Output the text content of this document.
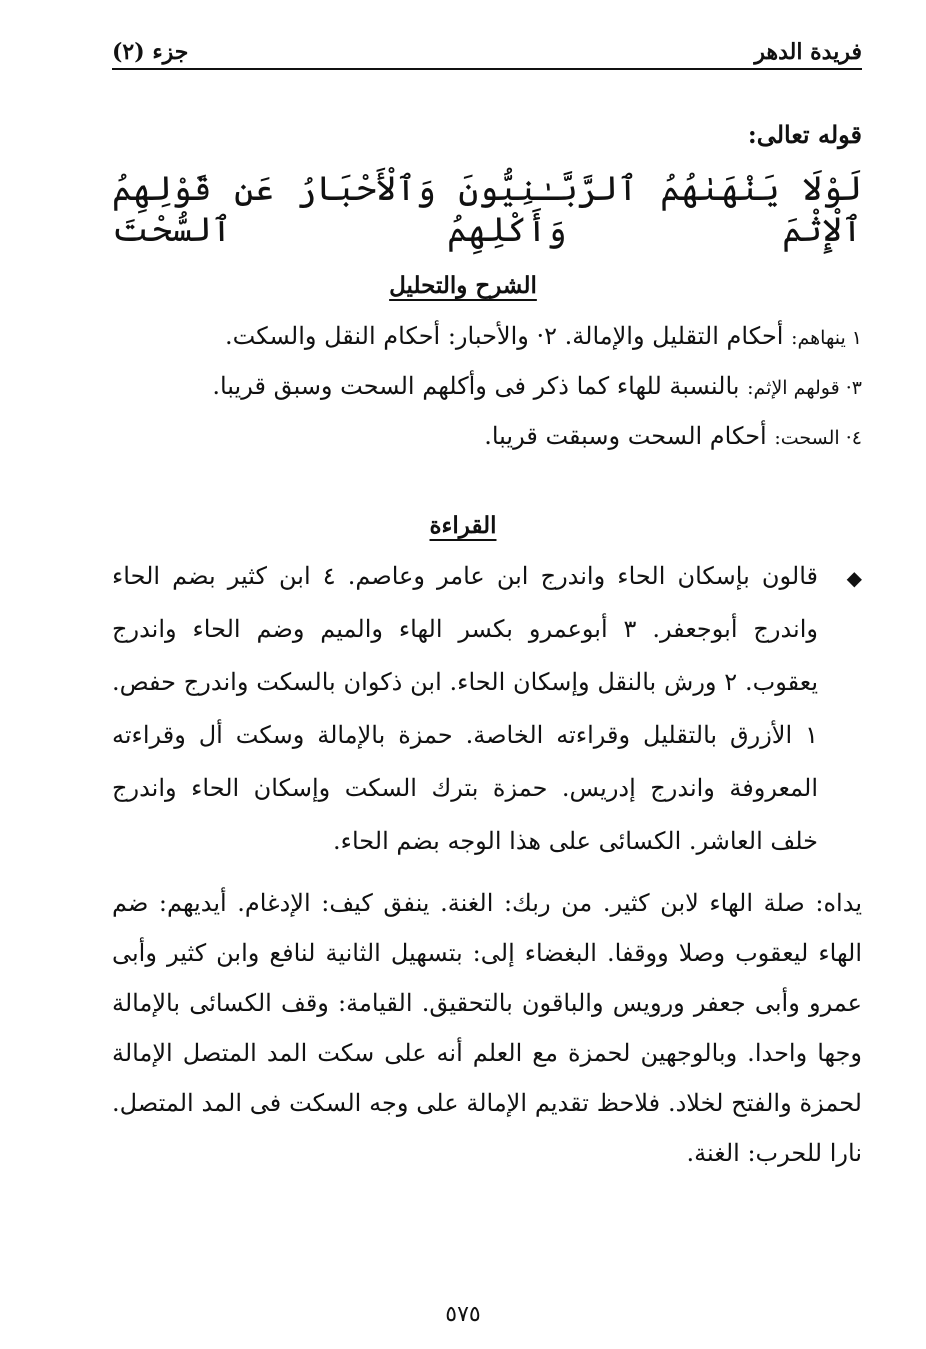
فريدة الدهر
جزء (٢)
قوله تعالى:
لَوْلَا يَنْهَىٰهُمُ ٱلرَّبَّـٰنِيُّونَ وَٱلْأَحْبَارُ عَن قَوْلِهِمُ ٱلْإِثْمَ وَأَكْلِهِمُ ٱلسُّحْتَ
الشرح والتحليل
١ ينهاهم: أحكام التقليل والإمالة. ٢· والأحبار: أحكام النقل والسكت.
٣· قولهم الإثم: بالنسبة للهاء كما ذكر فى وأكلهم السحت وسبق قريبا.
٤· السحت: أحكام السحت وسبقت قريبا.
القراءة
◆

قالون بإسكان الحاء واندرج ابن عامر وعاصم. ٤ ابن كثير بضم الحاء واندرج أبوجعفر. ٣ أبوعمرو بكسر الهاء والميم وضم الحاء واندرج يعقوب. ٢ ورش بالنقل وإسكان الحاء. ابن ذكوان بالسكت واندرج حفص. ١ الأزرق بالتقليل وقراءته الخاصة. حمزة بالإمالة وسكت أل وقراءته المعروفة واندرج إدريس. حمزة بترك السكت وإسكان الحاء واندرج خلف العاشر. الكسائى على هذا الوجه بضم الحاء.

يداه: صلة الهاء لابن كثير. من ربك: الغنة. ينفق كيف: الإدغام. أيديهم: ضم الهاء ليعقوب وصلا ووقفا. البغضاء إلى: بتسهيل الثانية لنافع وابن كثير وأبى عمرو وأبى جعفر ورويس والباقون بالتحقيق. القيامة: وقف الكسائى بالإمالة وجها واحدا. وبالوجهين لحمزة مع العلم أنه على سكت المد المتصل الإمالة لحمزة والفتح لخلاد. فلاحظ تقديم الإمالة على وجه السكت فى المد المتصل. نارا للحرب: الغنة.

٥٧٥
